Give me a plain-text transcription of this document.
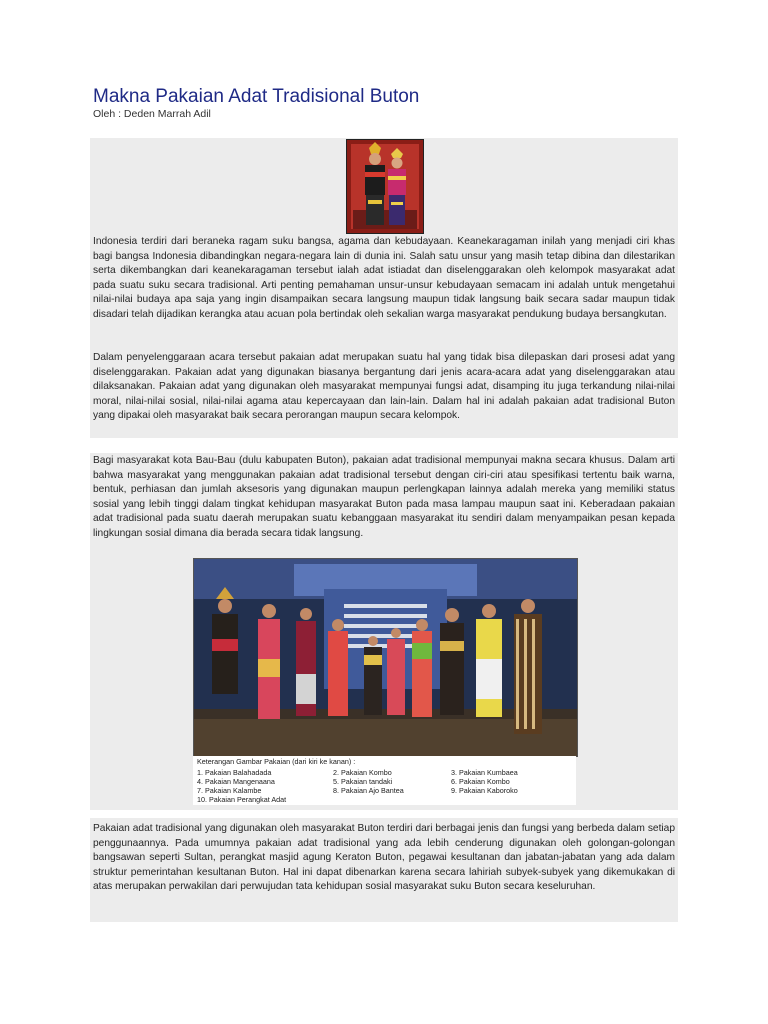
Makna Pakaian Adat Tradisional Buton
Oleh : Deden Marrah Adil

Indonesia terdiri dari beraneka ragam suku bangsa, agama dan kebudayaan. Keanekaragaman inilah yang menjadi ciri khas bagi bangsa Indonesia dibandingkan negara-negara lain di dunia ini. Salah satu unsur yang masih tetap dibina dan dilestarikan serta dikembangkan dari keanekaragaman tersebut ialah adat istiadat dan diselenggarakan oleh kelompok masyarakat adat pada suatu suku secara tradisional. Arti penting pemahaman unsur-unsur kebudayaan semacam ini adalah untuk mengetahui nilai-nilai budaya apa saja yang ingin disampaikan secara langsung maupun tidak langsung baik secara sadar maupun tidak disadari telah dijadikan kerangka atau acuan pola bertindak oleh sekalian warga masyarakat pendukung budaya bersangkutan.

Dalam penyelenggaraan acara tersebut pakaian adat merupakan suatu hal yang tidak bisa dilepaskan dari prosesi adat yang diselenggarakan. Pakaian adat yang digunakan biasanya bergantung dari jenis acara-acara adat yang diselenggarakan atau dilaksanakan. Pakaian adat yang digunakan oleh masyarakat mempunyai fungsi adat, disamping itu juga terkandung nilai-nilai moral, nilai-nilai sosial, nilai-nilai agama atau kepercayaan dan lain-lain. Dalam hal ini adalah pakaian adat tradisional Buton yang dipakai oleh masyarakat baik secara perorangan maupun secara kelompok.

Bagi masyarakat kota Bau-Bau (dulu kabupaten Buton), pakaian adat tradisional mempunyai makna secara khusus. Dalam arti bahwa masyarakat yang menggunakan pakaian adat tradisional tersebut dengan ciri-ciri atau spesifikasi tertentu baik warna, bentuk, perhiasan dan jumlah aksesoris yang digunakan maupun perlengkapan lainnya adalah mereka yang memiliki status sosial yang lebih tinggi dalam tingkat kehidupan masyarakat Buton pada masa lampau maupun saat ini. Keberadaan pakaian adat tradisional pada suatu daerah merupakan suatu kebanggaan masyarakat itu sendiri dalam menyampaikan pesan kepada lingkungan sosial dimana dia berada secara tidak langsung.

Keterangan Gambar Pakaian (dari kiri ke kanan) :
1. Pakaian Balahadada	2. Pakaian Kombo	3. Pakaian Kumbaea
4. Pakaian Mangenaana	5. Pakaian tandaki	6. Pakaian Kombo
7. Pakaian Kalambe	8. Pakaian Ajo Bantea	9. Pakaian Kaboroko
10. Pakaian Perangkat Adat

Pakaian adat tradisional yang digunakan oleh masyarakat Buton terdiri dari berbagai jenis dan fungsi yang berbeda dalam setiap penggunaannya. Pada umumnya pakaian adat tradisional yang ada lebih cenderung digunakan oleh golongan-golongan bangsawan seperti Sultan, perangkat masjid agung Keraton Buton, pegawai kesultanan dan jabatan-jabatan yang ada dalam struktur pemerintahan kesultanan Buton. Hal ini dapat dibenarkan karena secara lahiriah subyek-subyek yang dikemukakan di atas merupakan perwakilan dari perwujudan tata kehidupan sosial masyarakat suku Buton secara keseluruhan.
